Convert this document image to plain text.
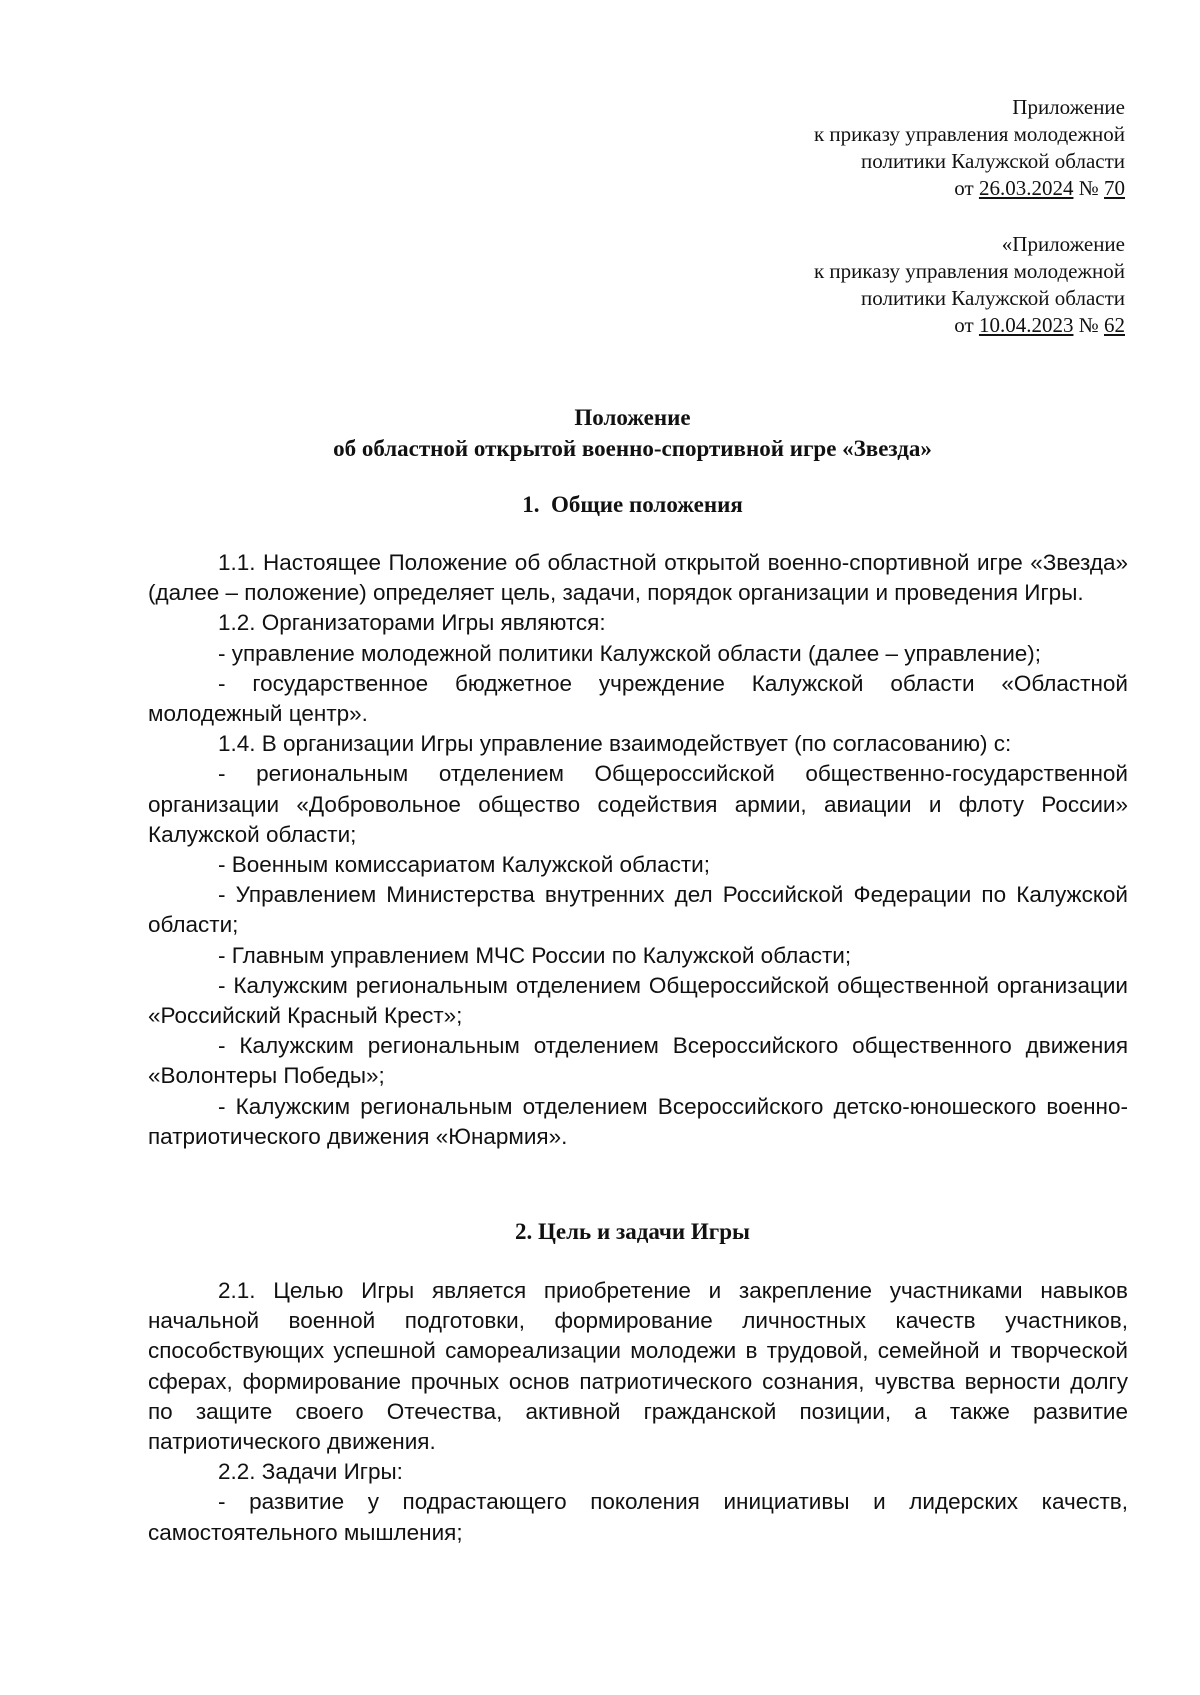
Приложение
к приказу управления молодежной
политики Калужской области
от 26.03.2024 № 70
«Приложение
к приказу управления молодежной
политики Калужской области
от 10.04.2023 № 62
Положение
об областной открытой военно-спортивной игре «Звезда»
1. Общие положения

1.1. Настоящее Положение об областной открытой военно-спортивной игре «Звезда» (далее – положение) определяет цель, задачи, порядок организации и проведения Игры.

1.2. Организаторами Игры являются:

- управление молодежной политики Калужской области (далее – управление);

- государственное бюджетное учреждение Калужской области «Областной молодежный центр».

1.4. В организации Игры управление взаимодействует (по согласованию) с:

- региональным отделением Общероссийской общественно-государственной организации «Добровольное общество содействия армии, авиации и флоту России» Калужской области;

- Военным комиссариатом Калужской области;

- Управлением Министерства внутренних дел Российской Федерации по Калужской области;

- Главным управлением МЧС России по Калужской области;

- Калужским региональным отделением Общероссийской общественной организации «Российский Красный Крест»;

- Калужским региональным отделением Всероссийского общественного движения «Волонтеры Победы»;

- Калужским региональным отделением Всероссийского детско-юношеского военно-патриотического движения «Юнармия».

2. Цель и задачи Игры

2.1. Целью Игры является приобретение и закрепление участниками навыков начальной военной подготовки, формирование личностных качеств участников, способствующих успешной самореализации молодежи в трудовой, семейной и творческой сферах, формирование прочных основ патриотического сознания, чувства верности долгу по защите своего Отечества, активной гражданской позиции, а также развитие патриотического движения.

2.2. Задачи Игры:

- развитие у подрастающего поколения инициативы и лидерских качеств, самостоятельного мышления;
